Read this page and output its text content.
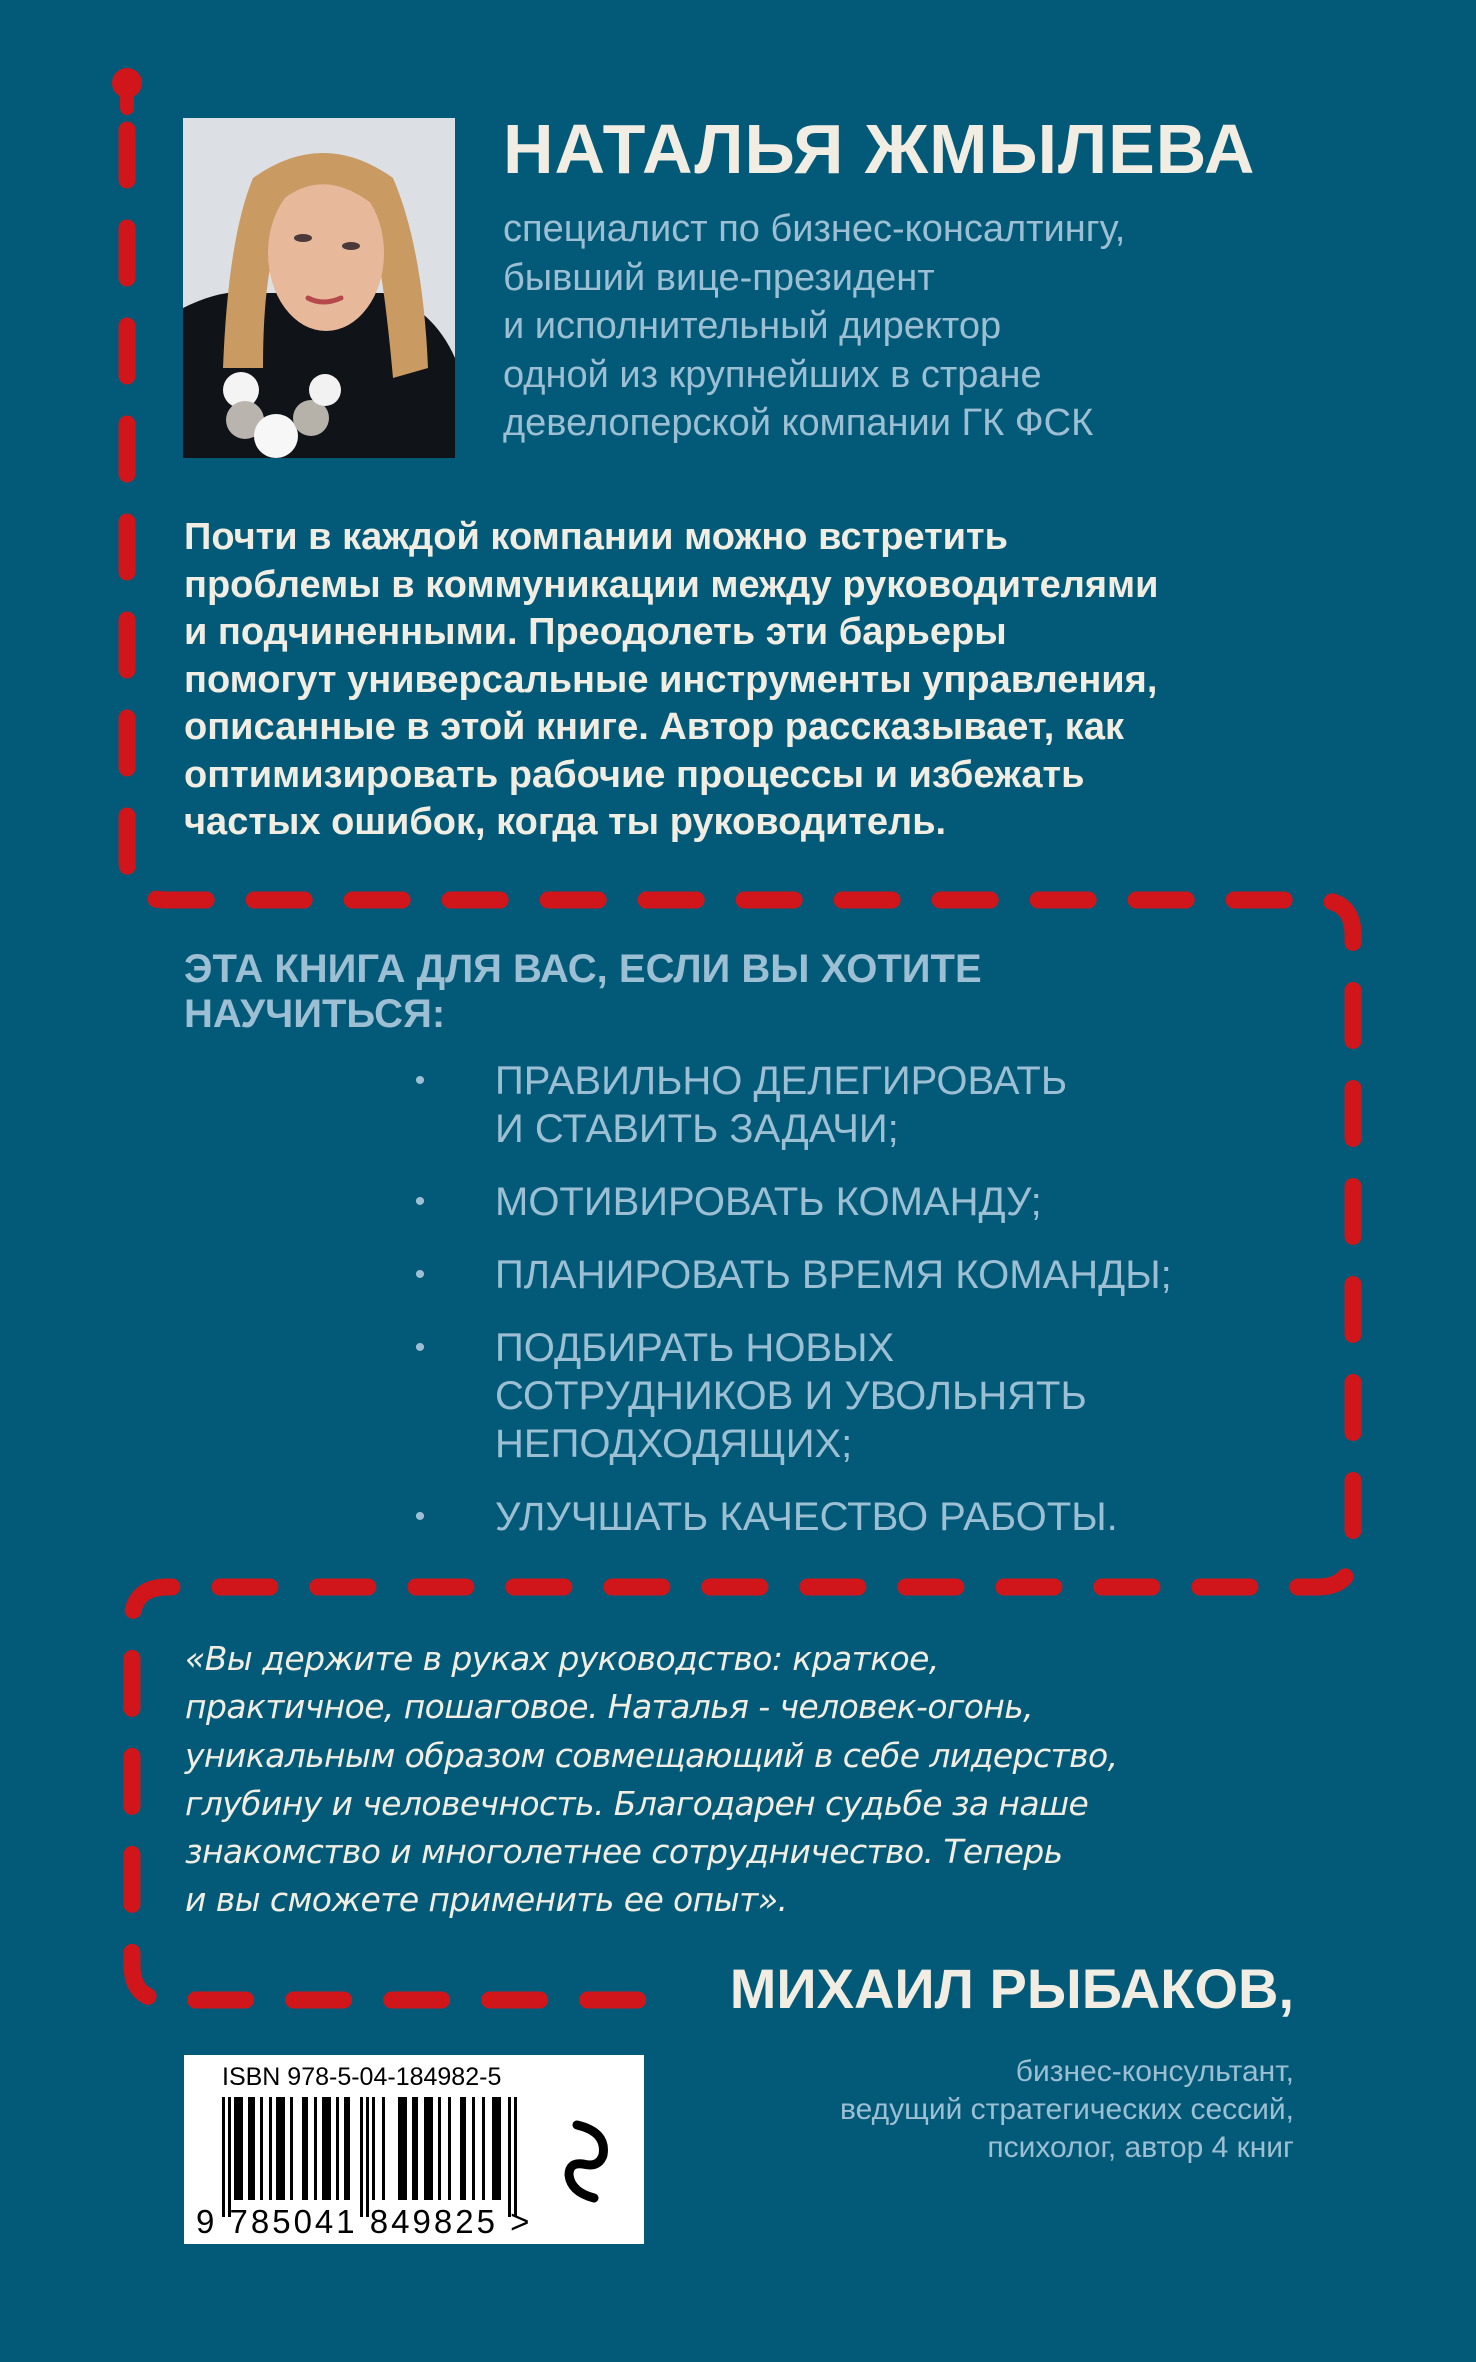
НАТАЛЬЯ ЖМЫЛЕВА
специалист по бизнес-консалтингу,
бывший вице-президент
и исполнительный директор
одной из крупнейших в стране
девелоперской компании ГК ФСК
Почти в каждой компании можно встретить
проблемы в коммуникации между руководителями
и подчиненными. Преодолеть эти барьеры
помогут универсальные инструменты управления,
описанные в этой книге. Автор рассказывает, как
оптимизировать рабочие процессы и избежать
частых ошибок, когда ты руководитель.
ЭТА КНИГА ДЛЯ ВАС, ЕСЛИ ВЫ ХОТИТЕ
НАУЧИТЬСЯ:
• ПРАВИЛЬНО ДЕЛЕГИРОВАТЬ
И СТАВИТЬ ЗАДАЧИ;
• МОТИВИРОВАТЬ КОМАНДУ;
• ПЛАНИРОВАТЬ ВРЕМЯ КОМАНДЫ;
• ПОДБИРАТЬ НОВЫХ
СОТРУДНИКОВ И УВОЛЬНЯТЬ
НЕПОДХОДЯЩИХ;
• УЛУЧШАТЬ КАЧЕСТВО РАБОТЫ.
«Вы держите в руках руководство: краткое,
практичное, пошаговое. Наталья - человек-огонь,
уникальным образом совмещающий в себе лидерство,
глубину и человечность. Благодарен судьбе за наше
знакомство и многолетнее сотрудничество. Теперь
и вы сможете применить ее опыт».
МИХАИЛ РЫБАКОВ,
бизнес-консультант,
ведущий стратегических сессий,
психолог, автор 4 книг
ISBN 978-5-04-184982-5
9 785041 849825 >
